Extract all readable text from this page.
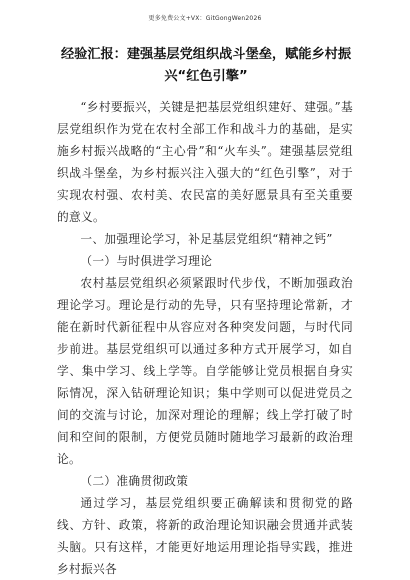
更多免费公文+VX：GitGongWen2026
经验汇报：建强基层党组织战斗堡垒，赋能乡村振兴“红色引擎”

“乡村要振兴，关键是把基层党组织建好、建强。”基层党组织作为党在农村全部工作和战斗力的基础，是实施乡村振兴战略的“主心骨”和“火车头”。建强基层党组织战斗堡垒，为乡村振兴注入强大的“红色引擎”，对于实现农村强、农村美、农民富的美好愿景具有至关重要的意义。

一、加强理论学习，补足基层党组织“精神之钙”

（一）与时俱进学习理论

农村基层党组织必须紧跟时代步伐，不断加强政治理论学习。理论是行动的先导，只有坚持理论常新，才能在新时代新征程中从容应对各种突发问题，与时代同步前进。基层党组织可以通过多种方式开展学习，如自学、集中学习、线上学等。自学能够让党员根据自身实际情况，深入钻研理论知识；集中学则可以促进党员之间的交流与讨论，加深对理论的理解；线上学打破了时间和空间的限制，方便党员随时随地学习最新的政治理论。

（二）准确贯彻政策

通过学习，基层党组织要正确解读和贯彻党的路线、方针、政策，将新的政治理论知识融会贯通并武装头脑。只有这样，才能更好地运用理论指导实践，推进乡村振兴各
